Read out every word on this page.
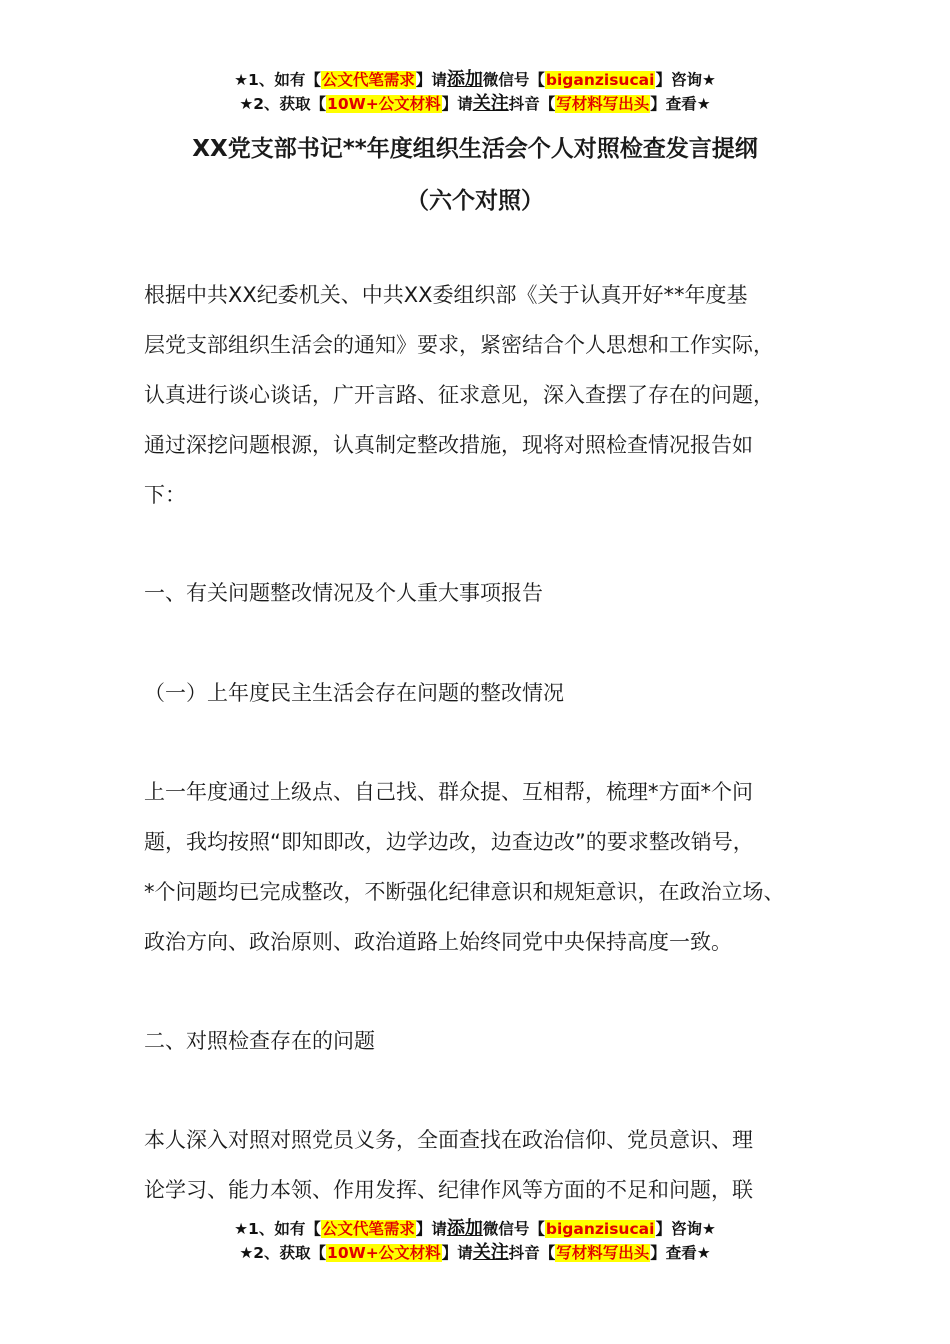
★1、如有【公文代笔需求】请添加微信号【biganzisucai】咨询★
★2、获取【10W+公文材料】请关注抖音【写材料写出头】查看★
XX党支部书记**年度组织生活会个人对照检查发言提纲
（六个对照）
根据中共XX纪委机关、中共XX委组织部《关于认真开好**年度基
层党支部组织生活会的通知》要求，紧密结合个人思想和工作实际，
认真进行谈心谈话，广开言路、征求意见，深入查摆了存在的问题，
通过深挖问题根源，认真制定整改措施，现将对照检查情况报告如
下：
一、有关问题整改情况及个人重大事项报告
（一）上年度民主生活会存在问题的整改情况
上一年度通过上级点、自己找、群众提、互相帮，梳理*方面*个问
题，我均按照“即知即改，边学边改，边查边改”的要求整改销号，
*个问题均已完成整改，不断强化纪律意识和规矩意识，在政治立场、
政治方向、政治原则、政治道路上始终同党中央保持高度一致。
二、对照检查存在的问题
本人深入对照对照党员义务，全面查找在政治信仰、党员意识、理
论学习、能力本领、作用发挥、纪律作风等方面的不足和问题，联
★1、如有【公文代笔需求】请添加微信号【biganzisucai】咨询★
★2、获取【10W+公文材料】请关注抖音【写材料写出头】查看★
